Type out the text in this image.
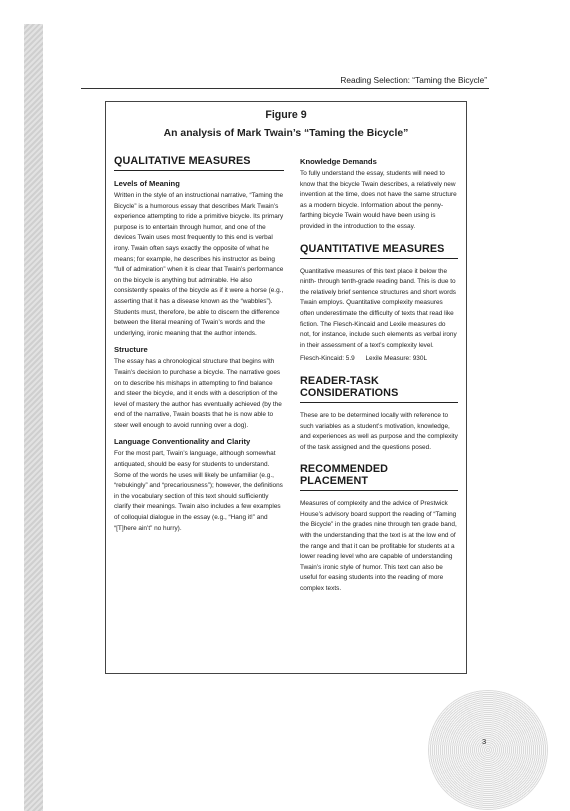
Reading Selection: “Taming the Bicycle”
Figure 9
An analysis of Mark Twain’s “Taming the Bicycle”
QUALITATIVE MEASURES
Levels of Meaning

Written in the style of an instructional narrative, “Taming the Bicycle” is a humorous essay that describes Mark Twain’s experience attempting to ride a primitive bicycle. Its primary purpose is to entertain through humor, and one of the devices Twain uses most frequently to this end is verbal irony. Twain often says exactly the opposite of what he means; for example, he describes his instructor as being “full of admiration” when it is clear that Twain’s performance on the bicycle is anything but admirable. He also consistently speaks of the bicycle as if it were a horse (e.g., asserting that it has a disease known as the “wabbles”). Students must, therefore, be able to discern the difference between the literal meaning of Twain’s words and the underlying, ironic meaning that the author intends.

Structure

The essay has a chronological structure that begins with Twain’s decision to purchase a bicycle. The narrative goes on to describe his mishaps in attempting to find balance and steer the bicycle, and it ends with a description of the level of mastery the author has eventually achieved (by the end of the narrative, Twain boasts that he is now able to steer well enough to avoid running over a dog).

Language Conventionality and Clarity

For the most part, Twain’s language, although somewhat antiquated, should be easy for students to understand. Some of the words he uses will likely be unfamiliar (e.g., “rebukingly” and “precariousness”); however, the definitions in the vocabulary section of this text should sufficiently clarify their meanings. Twain also includes a few examples of colloquial dialogue in the essay (e.g., “Hang it!” and “[T]here ain’t” no hurry).

Knowledge Demands

To fully understand the essay, students will need to know that the bicycle Twain describes, a relatively new invention at the time, does not have the same structure as a modern bicycle. Information about the penny-farthing bicycle Twain would have been using is provided in the introduction to the essay.

QUANTITATIVE MEASURES

Quantitative measures of this text place it below the ninth- through tenth-grade reading band. This is due to the relatively brief sentence structures and short words Twain employs. Quantitative complexity measures often underestimate the difficulty of texts that read like fiction. The Flesch-Kincaid and Lexile measures do not, for instance, include such elements as verbal irony in their assessment of a text’s complexity level.

Flesch-Kincaid: 5.9      Lexile Measure: 930L

READER-TASK CONSIDERATIONS

These are to be determined locally with reference to such variables as a student’s motivation, knowledge, and experiences as well as purpose and the complexity of the task assigned and the questions posed.

RECOMMENDED PLACEMENT

Measures of complexity and the advice of Prestwick House’s advisory board support the reading of “Taming the Bicycle” in the grades nine through ten grade band, with the understanding that the text is at the low end of the range and that it can be profitable for students at a lower reading level who are capable of understanding Twain’s ironic style of humor. This text can also be useful for easing students into the reading of more complex texts.

3
